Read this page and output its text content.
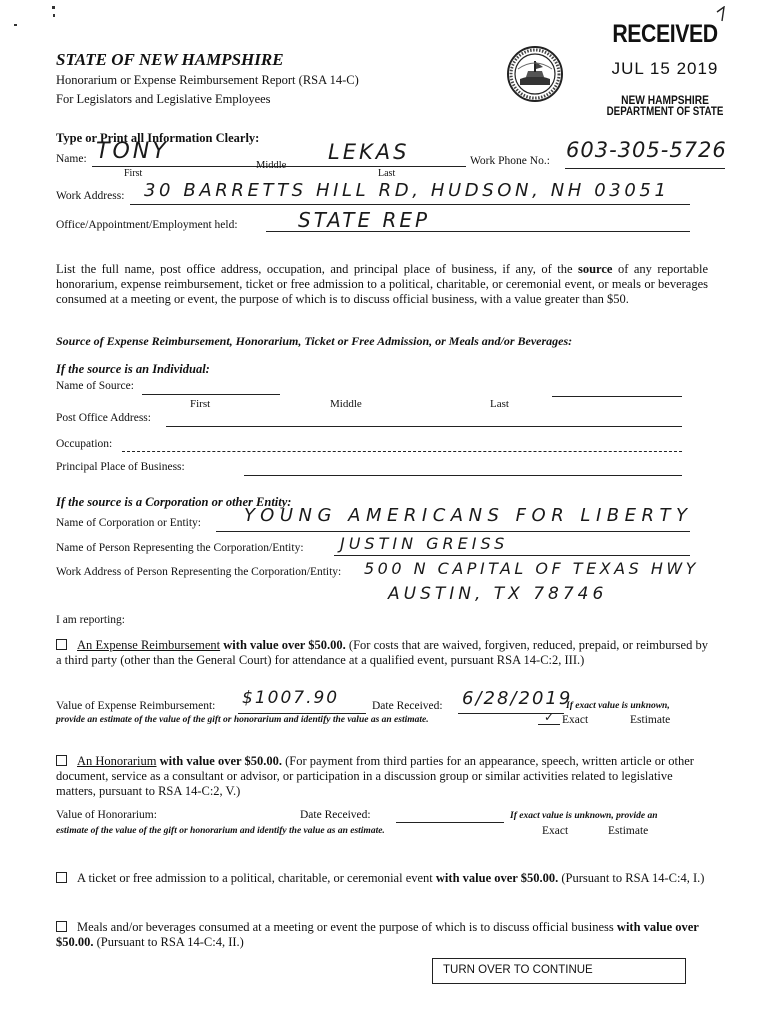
STATE OF NEW HAMPSHIRE
Honorarium or Expense Reimbursement Report (RSA 14-C)
For Legislators and Legislative Employees
RECEIVED
JUL 15 2019
NEW HAMPSHIRE
DEPARTMENT OF STATE
Type or Print all Information Clearly:
Name: TONY	LEKAS
First
Middle
Last
Work Phone No.: 603-305-5726
Work Address: 30 BARRETTS HILL RD, HUDSON, NH 03051
Office/Appointment/Employment held:	STATE REP
List the full name, post office address, occupation, and principal place of business, if any, of the source of any reportable honorarium, expense reimbursement, ticket or free admission to a political, charitable, or ceremonial event, or meals or beverages consumed at a meeting or event, the purpose of which is to discuss official business, with a value greater than $50.
Source of Expense Reimbursement, Honorarium, Ticket or Free Admission, or Meals and/or Beverages:
If the source is an Individual:
Name of Source:
First	Middle	Last
Post Office Address:
Occupation:
Principal Place of Business:
If the source is a Corporation or other Entity:
Name of Corporation or Entity: YOUNG AMERICANS FOR LIBERTY
Name of Person Representing the Corporation/Entity: JUSTIN GREISS
Work Address of Person Representing the Corporation/Entity: 500 N CAPITAL OF TEXAS HWY
AUSTIN, TX 78746
I am reporting:
An Expense Reimbursement with value over $50.00. (For costs that are waived, forgiven, reduced, prepaid, or reimbursed by a third party (other than the General Court) for attendance at a qualified event, pursuant RSA 14-C:2, III.)
Value of Expense Reimbursement: $1007.90	Date Received: 6/28/2019
If exact value is unknown,
provide an estimate of the value of the gift or honorarium and identify the value as an estimate.	✓ Exact	Estimate
An Honorarium with value over $50.00. (For payment from third parties for an appearance, speech, written article or other document, service as a consultant or advisor, or participation in a discussion group or similar activities related to legislative matters, pursuant to RSA 14-C:2, V.)
Value of Honorarium:	Date Received:	If exact value is unknown, provide an
estimate of the value of the gift or honorarium and identify the value as an estimate.	Exact	Estimate
A ticket or free admission to a political, charitable, or ceremonial event with value over $50.00. (Pursuant to RSA 14-C:4, I.)
Meals and/or beverages consumed at a meeting or event the purpose of which is to discuss official business with value over $50.00. (Pursuant to RSA 14-C:4, II.)
TURN OVER TO CONTINUE
